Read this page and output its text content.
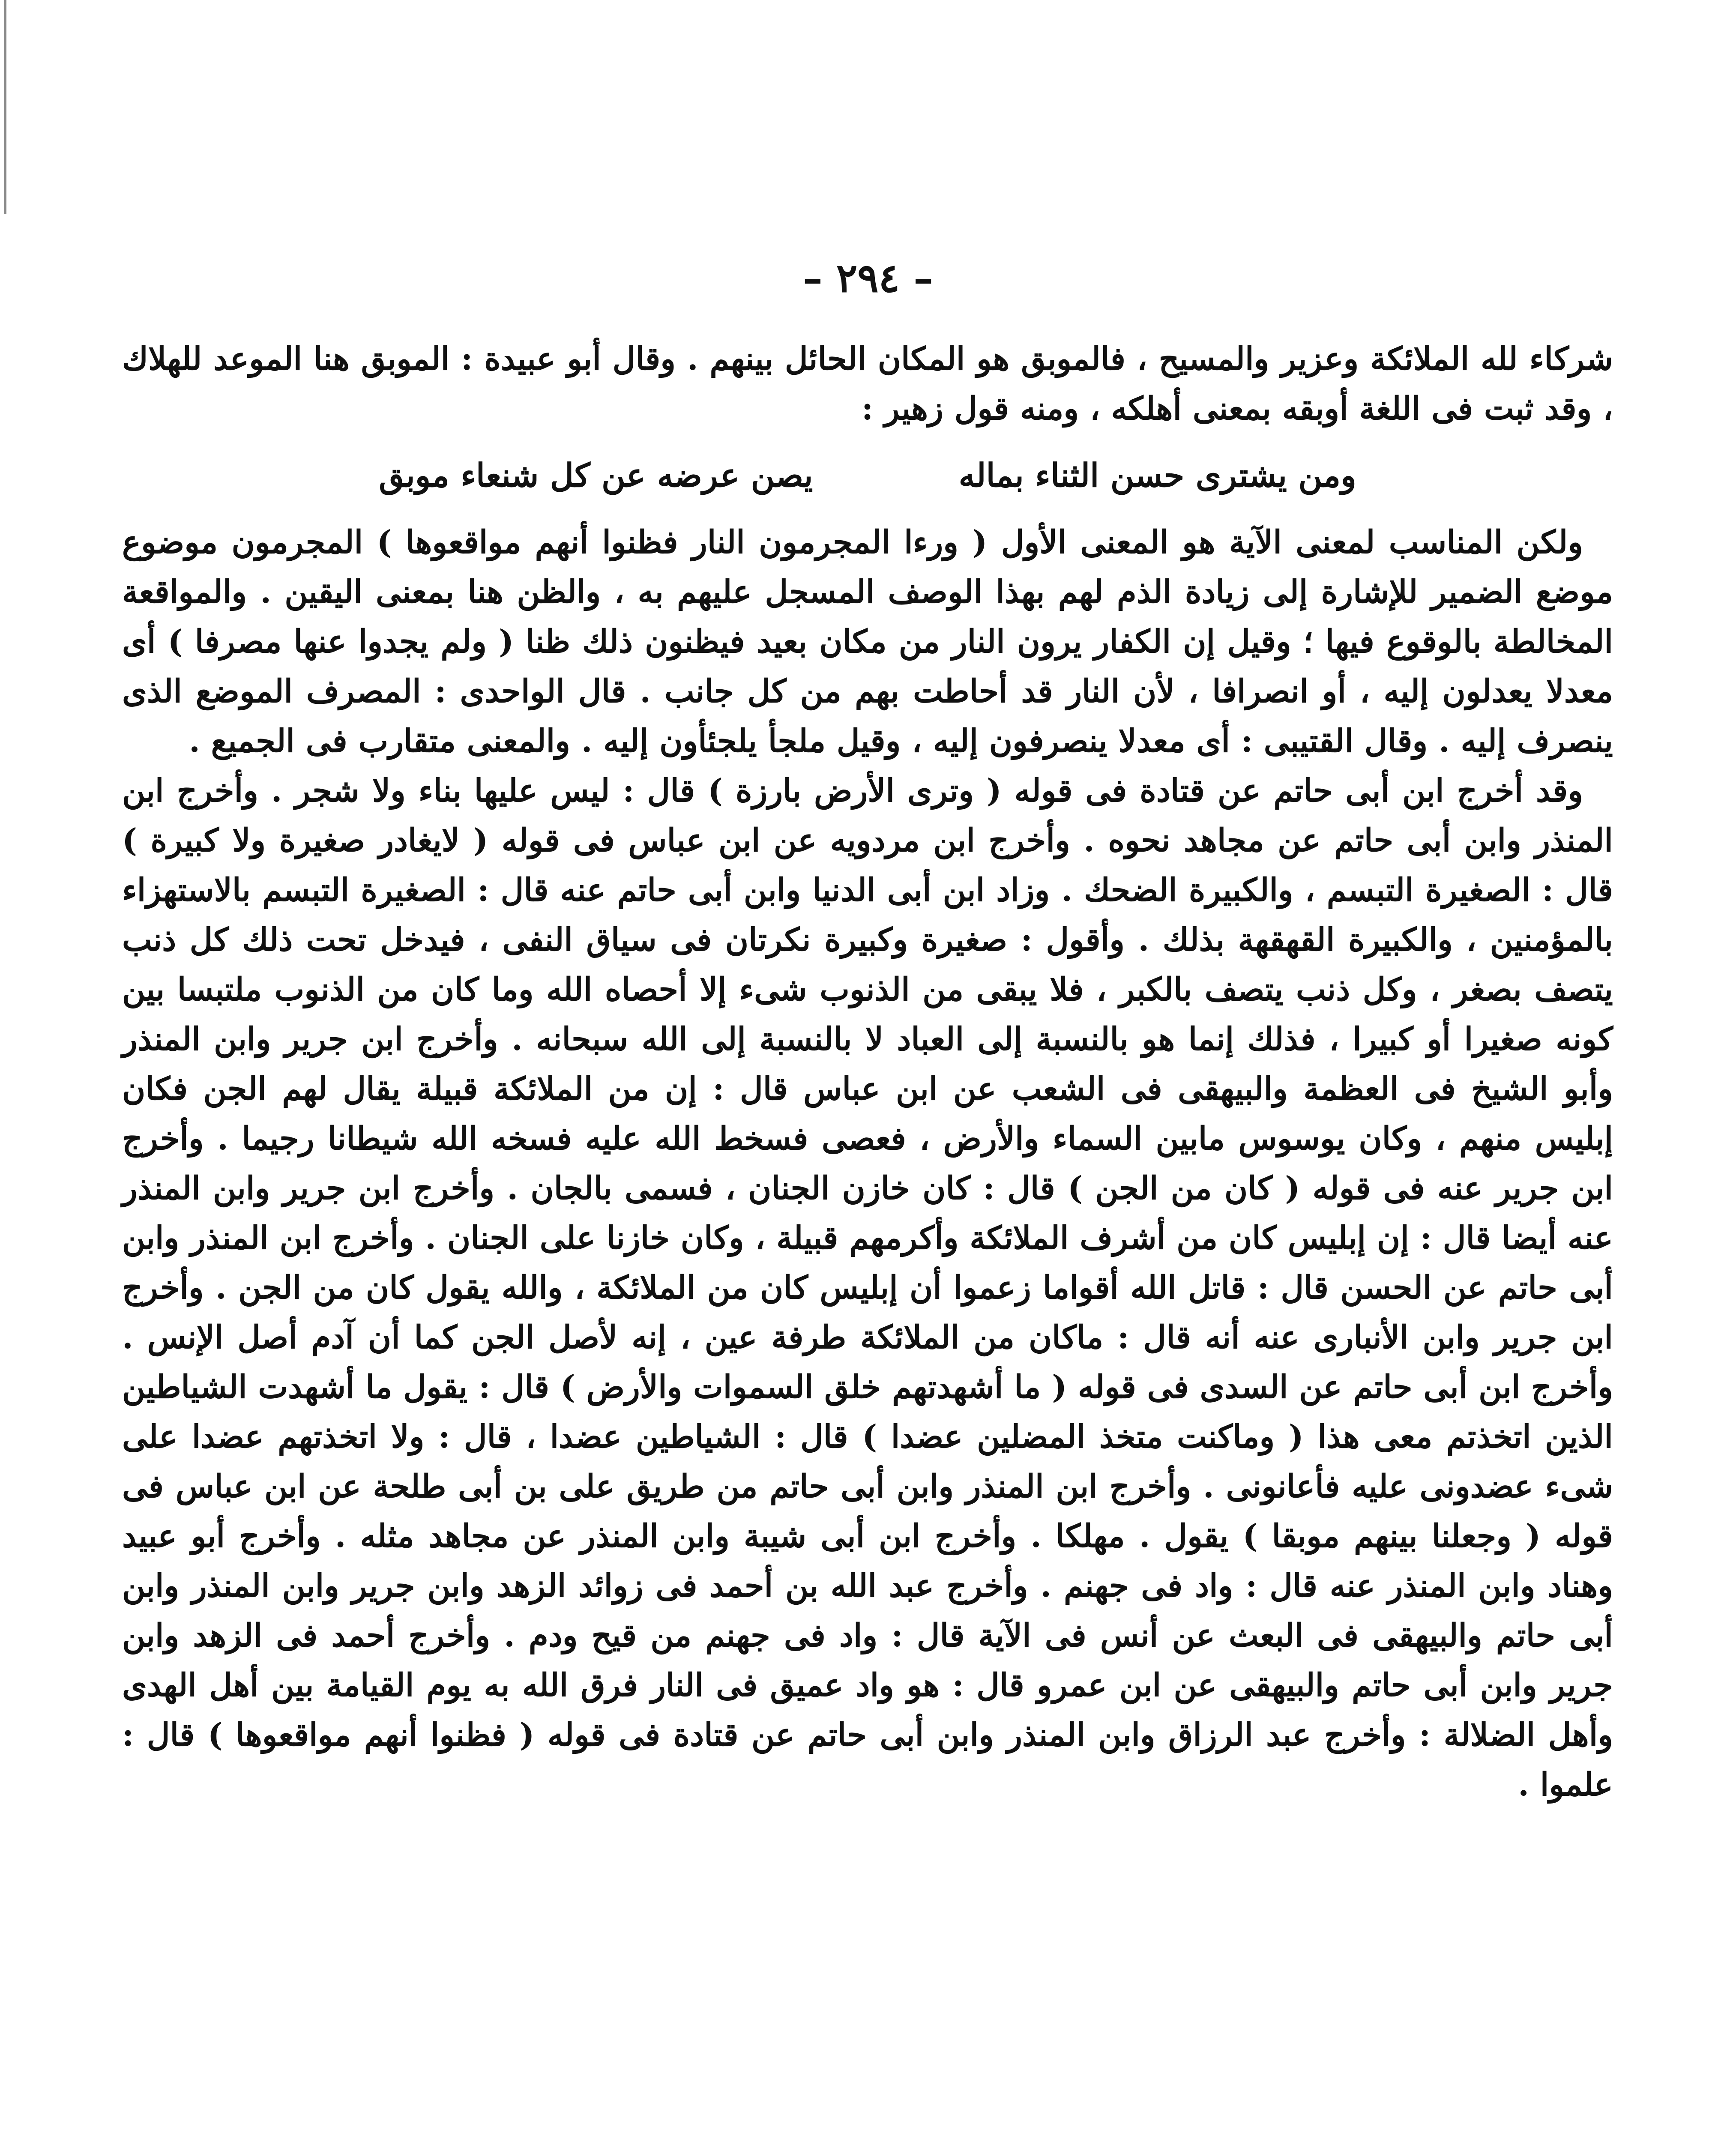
– ٢٩٤ –

شركاء لله الملائكة وعزير والمسيح ، فالموبق هو المكان الحائل بينهم . وقال أبو عبيدة : الموبق هنا الموعد للهلاك ، وقد ثبت فى اللغة أوبقه بمعنى أهلكه ، ومنه قول زهير :

ومن يشترى حسن الثناء بماله
يصن عرضه عن كل شنعاء موبق

ولكن المناسب لمعنى الآية هو المعنى الأول ( ورءا المجرمون النار فظنوا أنهم مواقعوها ) المجرمون موضوع موضع الضمير للإشارة إلى زيادة الذم لهم بهذا الوصف المسجل عليهم به ، والظن هنا بمعنى اليقين . والمواقعة المخالطة بالوقوع فيها ؛ وقيل إن الكفار يرون النار من مكان بعيد فيظنون ذلك ظنا ( ولم يجدوا عنها مصرفا ) أى معدلا يعدلون إليه ، أو انصرافا ، لأن النار قد أحاطت بهم من كل جانب . قال الواحدى : المصرف الموضع الذى ينصرف إليه . وقال القتيبى : أى معدلا ينصرفون إليه ، وقيل ملجأ يلجئأون إليه . والمعنى متقارب فى الجميع .

وقد أخرج ابن أبى حاتم عن قتادة فى قوله ( وترى الأرض بارزة ) قال : ليس عليها بناء ولا شجر . وأخرج ابن المنذر وابن أبى حاتم عن مجاهد نحوه . وأخرج ابن مردويه عن ابن عباس فى قوله ( لايغادر صغيرة ولا كبيرة ) قال : الصغيرة التبسم ، والكبيرة الضحك . وزاد ابن أبى الدنيا وابن أبى حاتم عنه قال : الصغيرة التبسم بالاستهزاء بالمؤمنين ، والكبيرة القهقهة بذلك . وأقول : صغيرة وكبيرة نكرتان فى سياق النفى ، فيدخل تحت ذلك كل ذنب يتصف بصغر ، وكل ذنب يتصف بالكبر ، فلا يبقى من الذنوب شىء إلا أحصاه الله وما كان من الذنوب ملتبسا بين كونه صغيرا أو كبيرا ، فذلك إنما هو بالنسبة إلى العباد لا بالنسبة إلى الله سبحانه . وأخرج ابن جرير وابن المنذر وأبو الشيخ فى العظمة والبيهقى فى الشعب عن ابن عباس قال : إن من الملائكة قبيلة يقال لهم الجن فكان إبليس منهم ، وكان يوسوس مابين السماء والأرض ، فعصى فسخط الله عليه فسخه الله شيطانا رجيما . وأخرج ابن جرير عنه فى قوله ( كان من الجن ) قال : كان خازن الجنان ، فسمى بالجان . وأخرج ابن جرير وابن المنذر عنه أيضا قال : إن إبليس كان من أشرف الملائكة وأكرمهم قبيلة ، وكان خازنا على الجنان . وأخرج ابن المنذر وابن أبى حاتم عن الحسن قال : قاتل الله أقواما زعموا أن إبليس كان من الملائكة ، والله يقول كان من الجن . وأخرج ابن جرير وابن الأنبارى عنه أنه قال : ماكان من الملائكة طرفة عين ، إنه لأصل الجن كما أن آدم أصل الإنس . وأخرج ابن أبى حاتم عن السدى فى قوله ( ما أشهدتهم خلق السموات والأرض ) قال : يقول ما أشهدت الشياطين الذين اتخذتم معى هذا ( وماكنت متخذ المضلين عضدا ) قال : الشياطين عضدا ، قال : ولا اتخذتهم عضدا على شىء عضدونى عليه فأعانونى . وأخرج ابن المنذر وابن أبى حاتم من طريق على بن أبى طلحة عن ابن عباس فى قوله ( وجعلنا بينهم موبقا ) يقول . مهلكا . وأخرج ابن أبى شيبة وابن المنذر عن مجاهد مثله . وأخرج أبو عبيد وهناد وابن المنذر عنه قال : واد فى جهنم . وأخرج عبد الله بن أحمد فى زوائد الزهد وابن جرير وابن المنذر وابن أبى حاتم والبيهقى فى البعث عن أنس فى الآية قال : واد فى جهنم من قيح ودم . وأخرج أحمد فى الزهد وابن جرير وابن أبى حاتم والبيهقى عن ابن عمرو قال : هو واد عميق فى النار فرق الله به يوم القيامة بين أهل الهدى وأهل الضلالة : وأخرج عبد الرزاق وابن المنذر وابن أبى حاتم عن قتادة فى قوله ( فظنوا أنهم مواقعوها ) قال : علموا .
